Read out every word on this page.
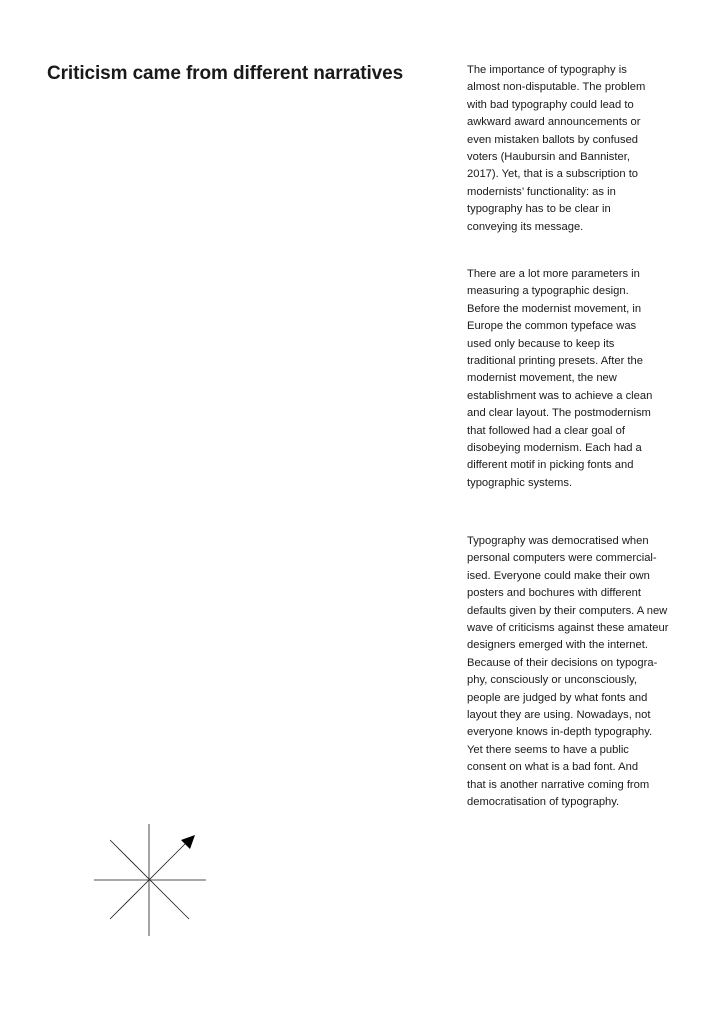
Criticism came from different narratives	The importance of typography is
almost non-disputable. The problem
with bad typography could lead to
awkward award announcements or
even mistaken ballots by confused
voters (Haubursin and Bannister,
2017). Yet, that is a subscription to
modernists’ functionality: as in
typography has to be clear in
conveying its message.

There are a lot more parameters in
measuring a typographic design.
Before the modernist movement, in
Europe the common typeface was
used only because to keep its
traditional printing presets. After the
modernist movement, the new
establishment was to achieve a clean
and clear layout. The postmodernism
that followed had a clear goal of
disobeying modernism. Each had a
different motif in picking fonts and
typographic systems.

Typography was democratised when
personal computers were commercial-
ised. Everyone could make their own
posters and bochures with different
defaults given by their computers. A new
wave of criticisms against these amateur
designers emerged with the internet.
Because of their decisions on typogra-
phy, consciously or unconsciously,
people are judged by what fonts and
layout they are using. Nowadays, not
everyone knows in-depth typography.
Yet there seems to have a public
consent on what is a bad font. And
that is another narrative coming from
democratisation of typography.
